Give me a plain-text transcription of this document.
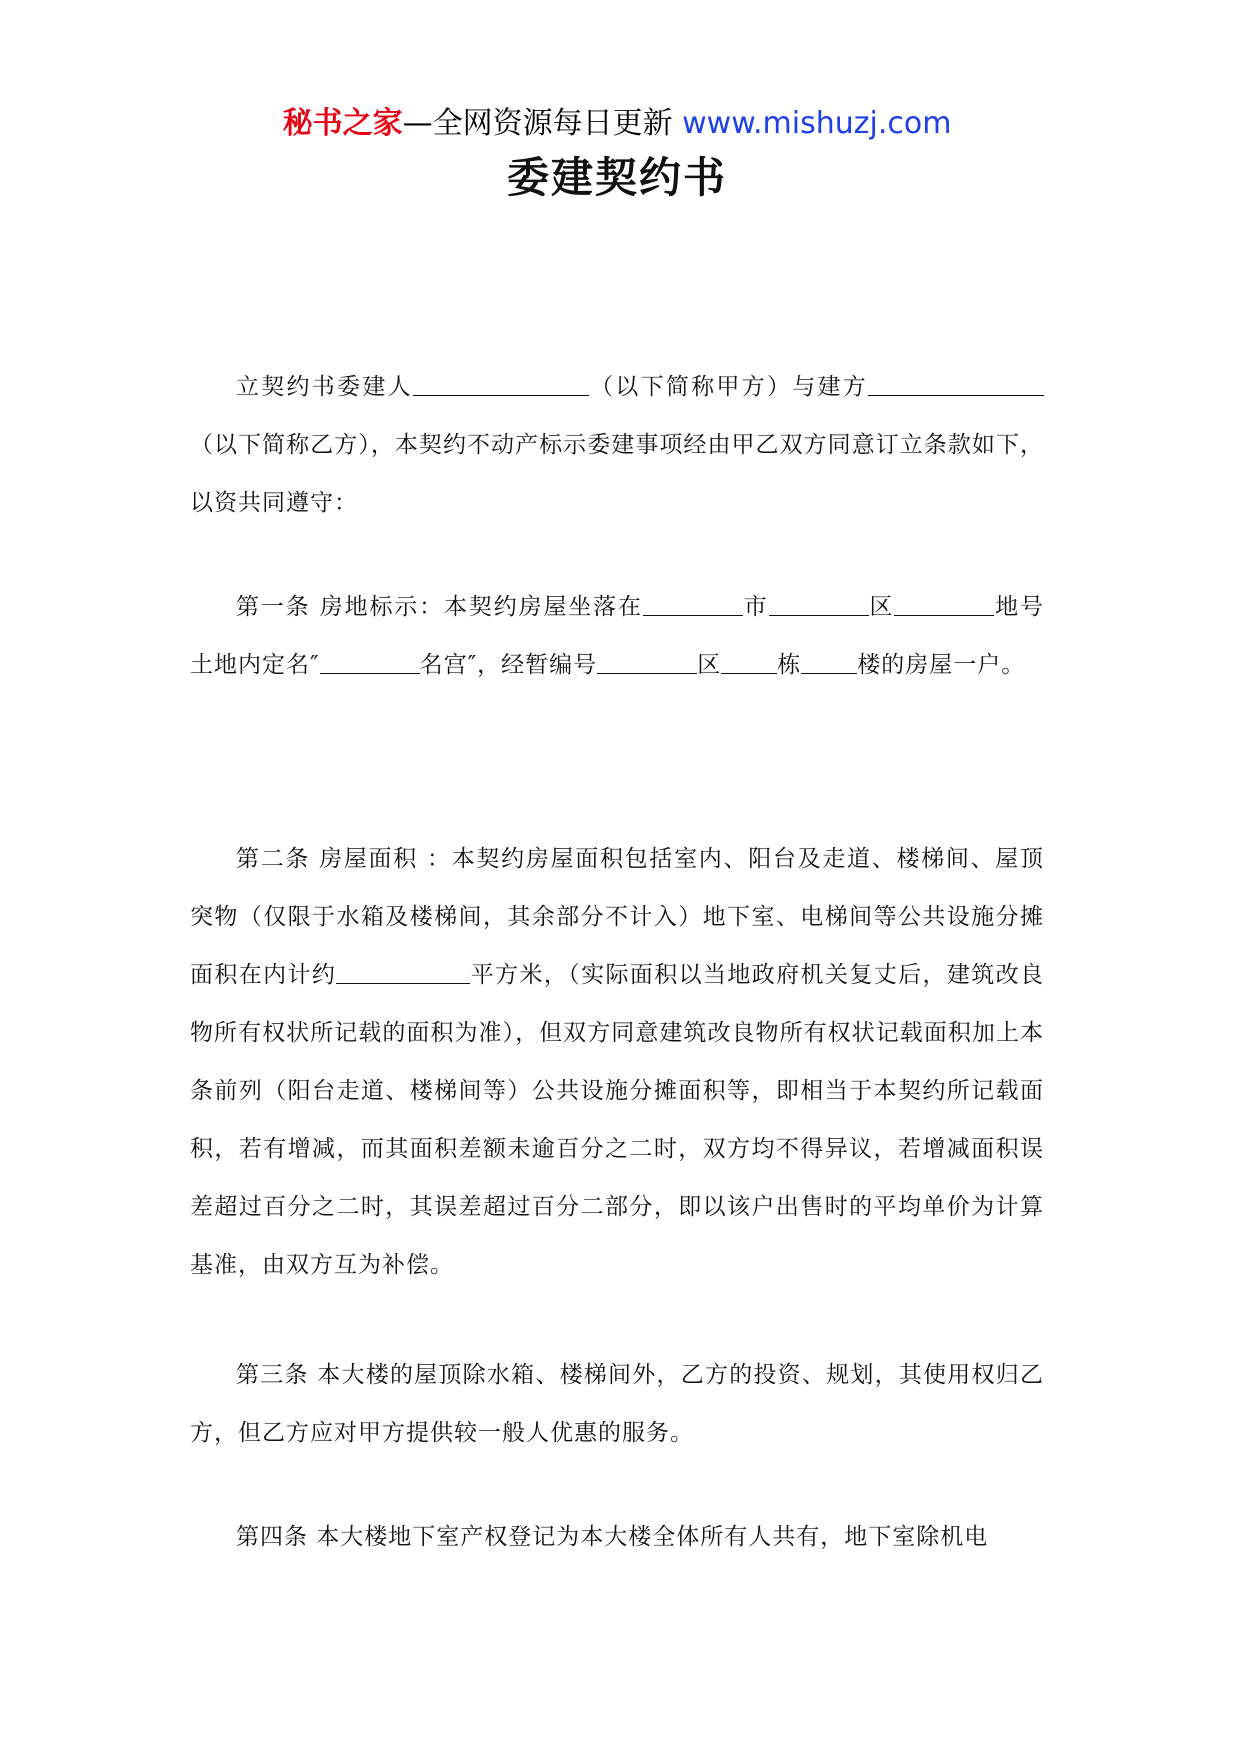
秘书之家—全网资源每日更新 www.mishuzj.com
委建契约书

立契约书委建人	（以下简称甲方）与建方（以下简称乙方），本契约不动产标示委建事项经由甲乙双方同意订立条款如下，以资共同遵守：

第一条 房地标示：本契约房屋坐落在	市	区	地号土地内定名″	名宫″，经暂编号	区 栋 楼的房屋一户。

第二条 房屋面积 ：本契约房屋面积包括室内、阳台及走道、楼梯间、屋顶突物（仅限于水箱及楼梯间，其余部分不计入）地下室、电梯间等公共设施分摊面积在内计约	平方米，（实际面积以当地政府机关复丈后，建筑改良物所有权状所记载的面积为准），但双方同意建筑改良物所有权状记载面积加上本条前列（阳台走道、楼梯间等）公共设施分摊面积等，即相当于本契约所记载面积，若有增减，而其面积差额未逾百分之二时，双方均不得异议，若增减面积误差超过百分之二时，其误差超过百分二部分，即以该户出售时的平均单价为计算基准，由双方互为补偿。

第三条 本大楼的屋顶除水箱、楼梯间外，乙方的投资、规划，其使用权归乙方，但乙方应对甲方提供较一般人优惠的服务。

第四条 本大楼地下室产权登记为本大楼全体所有人共有，地下室除机电
